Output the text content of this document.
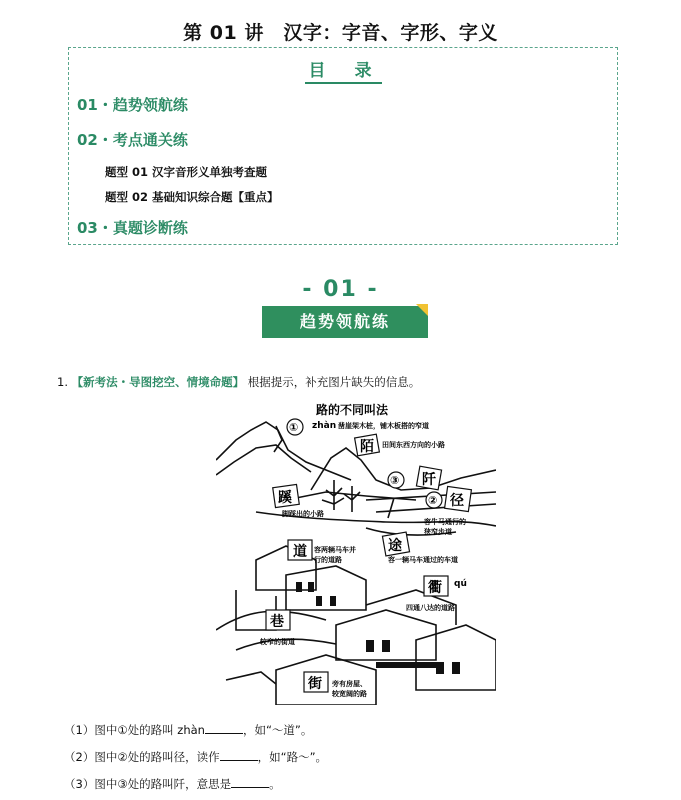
第 01 讲　汉字：字音、字形、字义
目　录
01・趋势领航练
02・考点通关练
题型 01 汉字音形义单独考查题
题型 02 基础知识综合题【重点】
03・真题诊断练
- 01 -
趋势领航练
1. 【新考法・导图挖空、情境命题】 根据提示，补充图片缺失的信息。
路的不同叫法
zhàn 凿崖架木桩，铺木板搭的窄道
①
陌 田间东西方向的小路
③ 阡
蹊
脚踩出的小路
② 径
容牛马通行的
狭窄步道
道 容两辆马车并
行的道路
途
容一辆马车通过的车道
衢 qú
四通八达的道路
巷
较窄的街道
街 旁有房屋、
较宽阔的路
（1）图中①处的路叫 zhàn	，如“～道”。
（2）图中②处的路叫径，读作	，如“路～”。
（3）图中③处的路叫阡，意思是	。
